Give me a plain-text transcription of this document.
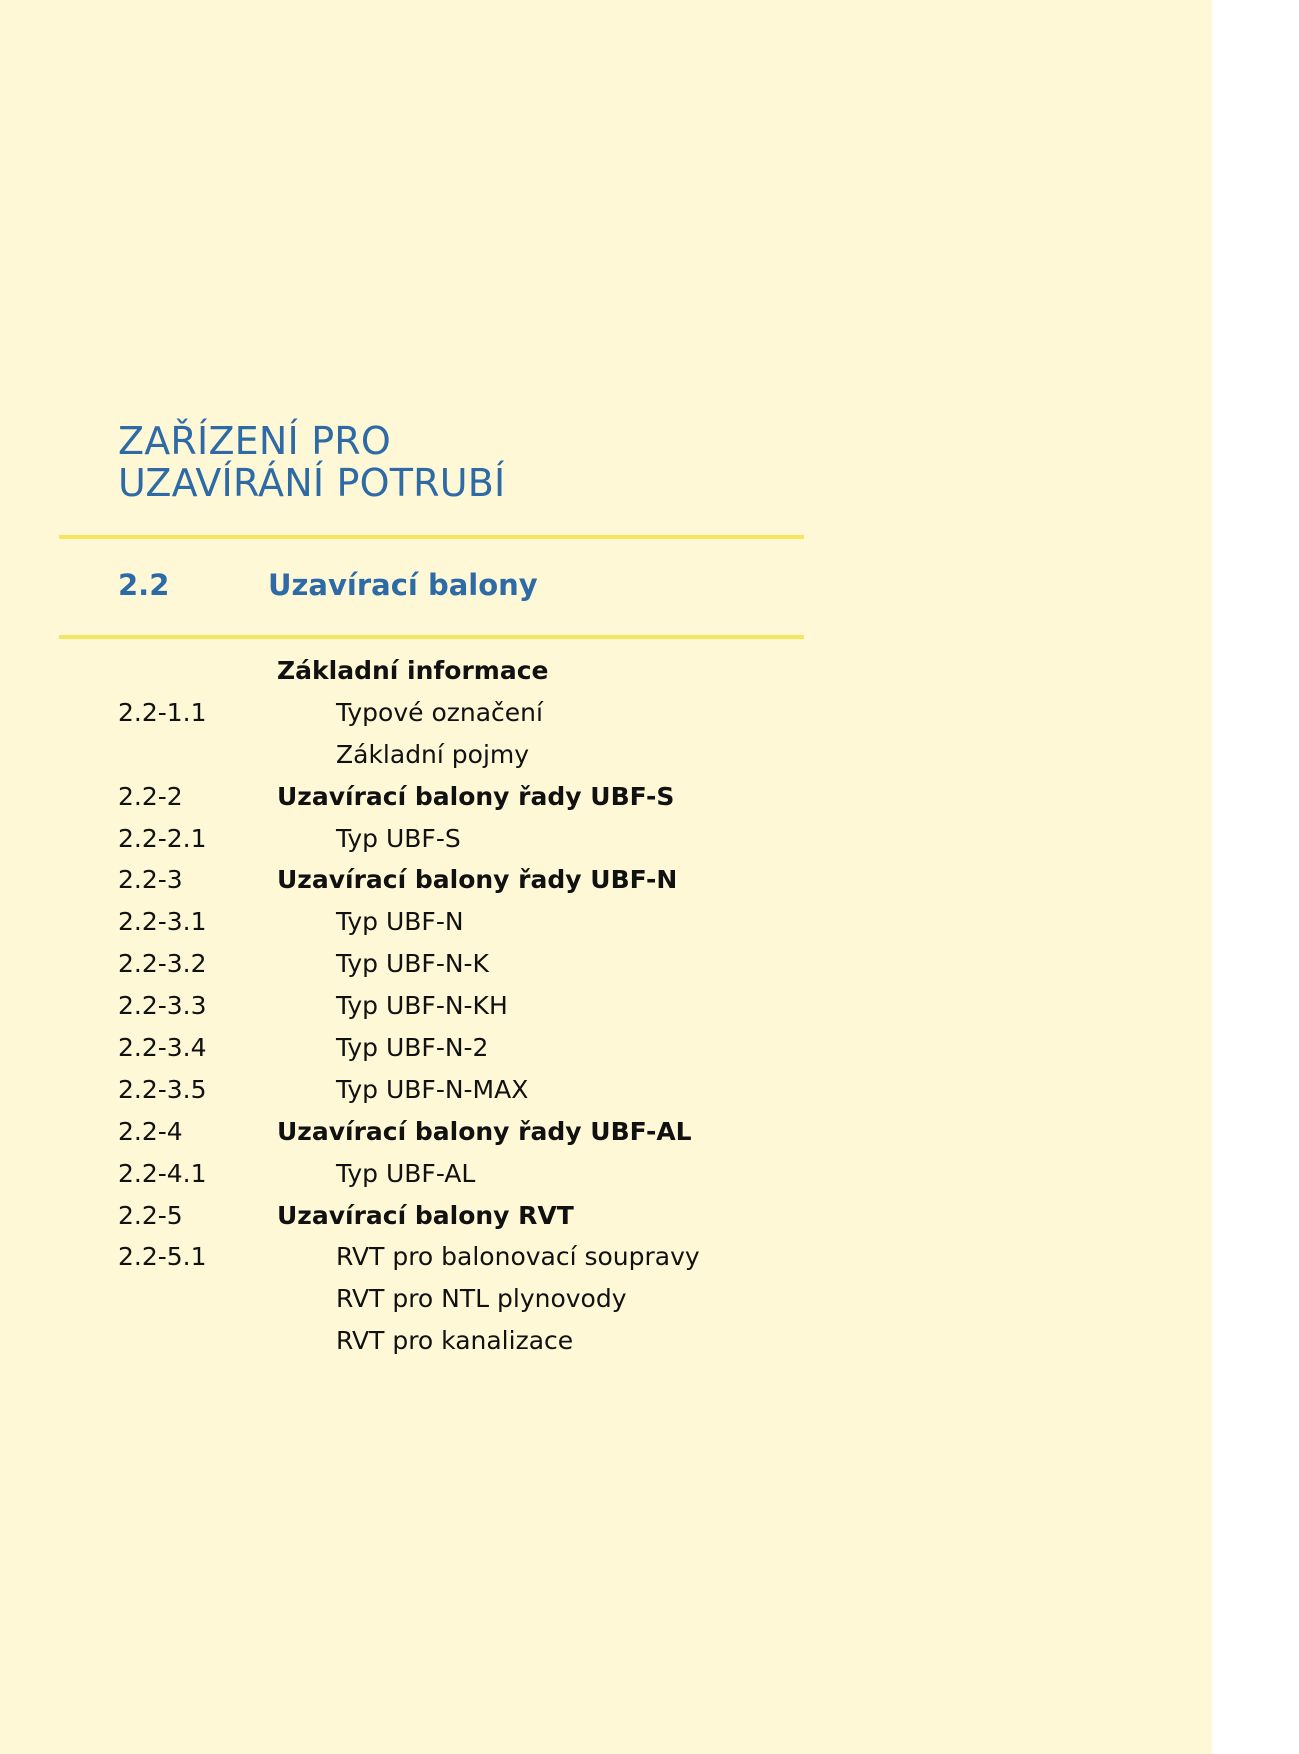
ZAŘÍZENÍ PRO
UZAVÍRÁNÍ POTRUBÍ
2.2	Uzavírací balony
Základní informace
2.2-1.1	Typové označení
Základní pojmy
2.2-2	Uzavírací balony řady UBF-S
2.2-2.1	Typ UBF-S
2.2-3	Uzavírací balony řady UBF-N
2.2-3.1	Typ UBF-N
2.2-3.2	Typ UBF-N-K
2.2-3.3	Typ UBF-N-KH
2.2-3.4	Typ UBF-N-2
2.2-3.5	Typ UBF-N-MAX
2.2-4	Uzavírací balony řady UBF-AL
2.2-4.1	Typ UBF-AL
2.2-5	Uzavírací balony RVT
2.2-5.1	RVT pro balonovací soupravy
RVT pro NTL plynovody
RVT pro kanalizace
